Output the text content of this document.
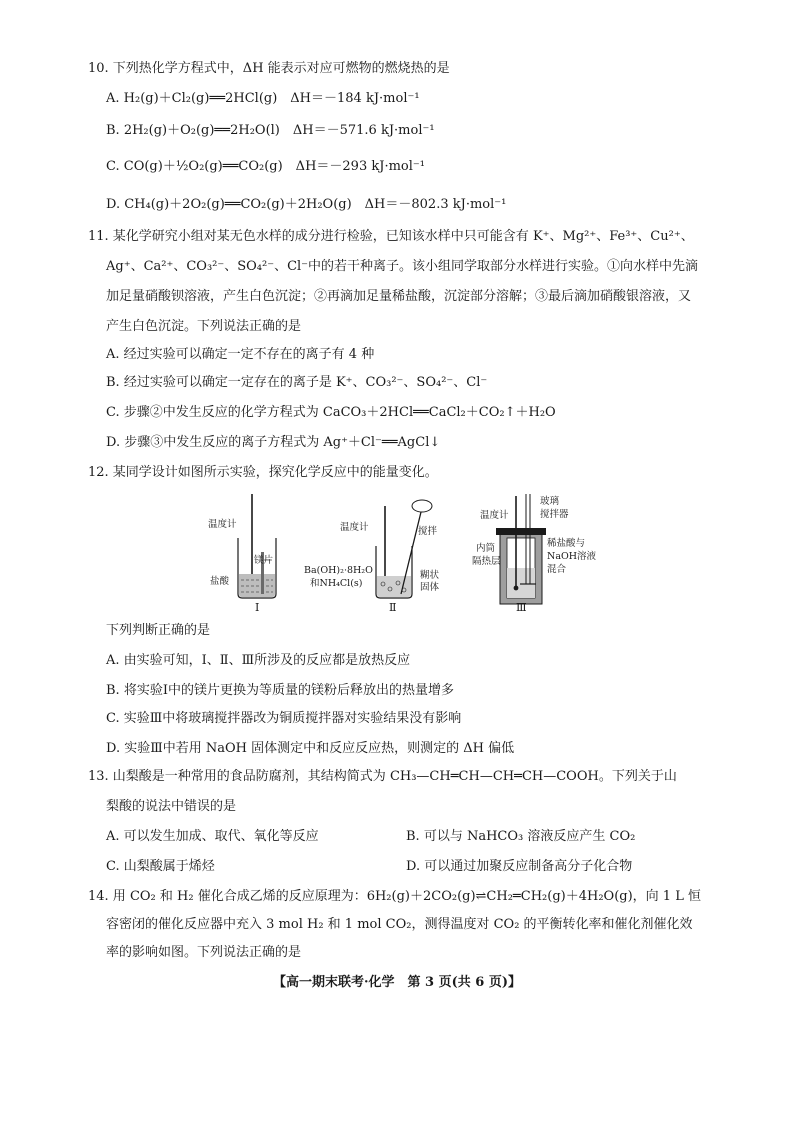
10. 下列热化学方程式中，ΔH 能表示对应可燃物的燃烧热的是
A. H₂(g)＋Cl₂(g)══2HCl(g)　ΔH＝－184 kJ·mol⁻¹
B. 2H₂(g)＋O₂(g)══2H₂O(l)　ΔH＝－571.6 kJ·mol⁻¹
C. CO(g)＋½O₂(g)══CO₂(g)　ΔH＝－293 kJ·mol⁻¹
D. CH₄(g)＋2O₂(g)══CO₂(g)＋2H₂O(g)　ΔH＝－802.3 kJ·mol⁻¹
11. 某化学研究小组对某无色水样的成分进行检验，已知该水样中只可能含有 K⁺、Mg²⁺、Fe³⁺、Cu²⁺、
Ag⁺、Ca²⁺、CO₃²⁻、SO₄²⁻、Cl⁻中的若干种离子。该小组同学取部分水样进行实验。①向水样中先滴
加足量硝酸钡溶液，产生白色沉淀；②再滴加足量稀盐酸，沉淀部分溶解；③最后滴加硝酸银溶液，又
产生白色沉淀。下列说法正确的是
A. 经过实验可以确定一定不存在的离子有 4 种
B. 经过实验可以确定一定存在的离子是 K⁺、CO₃²⁻、SO₄²⁻、Cl⁻
C. 步骤②中发生反应的化学方程式为 CaCO₃＋2HCl══CaCl₂＋CO₂↑＋H₂O
D. 步骤③中发生反应的离子方程式为 Ag⁺＋Cl⁻══AgCl↓
12. 某同学设计如图所示实验，探究化学反应中的能量变化。
温度计
镁片
盐酸
Ⅰ
温度计	搅拌
Ba(OH)₂·8H₂O
和NH₄Cl(s)
糊状
固体
Ⅱ
温度计
玻璃
搅拌器
内筒
隔热层
稀盐酸与
NaOH溶液
混合
Ⅲ
下列判断正确的是
A. 由实验可知，Ⅰ、Ⅱ、Ⅲ所涉及的反应都是放热反应
B. 将实验Ⅰ中的镁片更换为等质量的镁粉后释放出的热量增多
C. 实验Ⅲ中将玻璃搅拌器改为铜质搅拌器对实验结果没有影响
D. 实验Ⅲ中若用 NaOH 固体测定中和反应反应热，则测定的 ΔH 偏低
13. 山梨酸是一种常用的食品防腐剂，其结构简式为 CH₃—CH═CH—CH═CH—COOH。下列关于山
梨酸的说法中错误的是
A. 可以发生加成、取代、氧化等反应	B. 可以与 NaHCO₃ 溶液反应产生 CO₂
C. 山梨酸属于烯烃	D. 可以通过加聚反应制备高分子化合物
14. 用 CO₂ 和 H₂ 催化合成乙烯的反应原理为：6H₂(g)＋2CO₂(g)⇌CH₂═CH₂(g)＋4H₂O(g)，向 1 L 恒
容密闭的催化反应器中充入 3 mol H₂ 和 1 mol CO₂，测得温度对 CO₂ 的平衡转化率和催化剂催化效
率的影响如图。下列说法正确的是
【高一期末联考·化学　第 3 页(共 6 页)】
